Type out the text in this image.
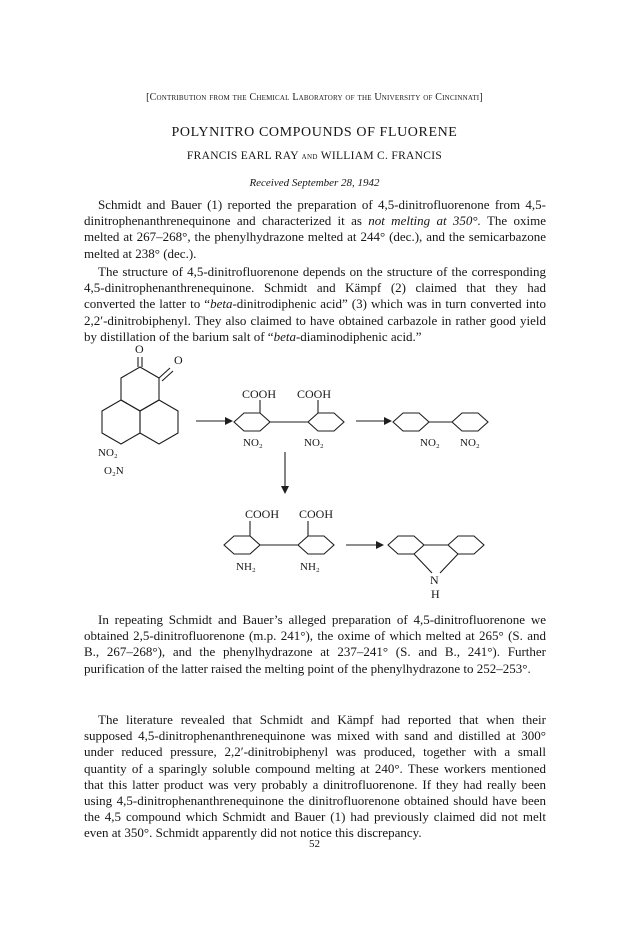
[Contribution from the Chemical Laboratory of the University of Cincinnati]
POLYNITRO COMPOUNDS OF FLUORENE
FRANCIS EARL RAY and WILLIAM C. FRANCIS
Received September 28, 1942

Schmidt and Bauer (1) reported the preparation of 4,5-dinitrofluorenone from 4,5-dinitrophenanthrenequinone and characterized it as not melting at 350°. The oxime melted at 267–268°, the phenylhydrazone melted at 244° (dec.), and the semicarbazone melted at 238° (dec.).

The structure of 4,5-dinitrofluorenone depends on the structure of the corresponding 4,5-dinitrophenanthrenequinone. Schmidt and Kämpf (2) claimed that they had converted the latter to “beta-dinitrodiphenic acid” (3) which was in turn converted into 2,2′-dinitrobiphenyl. They also claimed to have obtained carbazole in rather good yield by distillation of the barium salt of “beta-diaminodiphenic acid.”

O
O
NO₂
O₂N
COOH COOH
NO₂	NO₂	NO₂ NO₂
COOH COOH
NH₂	NH₂
N
H

In repeating Schmidt and Bauer’s alleged preparation of 4,5-dinitrofluorenone we obtained 2,5-dinitrofluorenone (m.p. 241°), the oxime of which melted at 265° (S. and B., 267–268°), and the phenylhydrazone at 237–241° (S. and B., 241°). Further purification of the latter raised the melting point of the phenylhydrazone to 252–253°.

The literature revealed that Schmidt and Kämpf had reported that when their supposed 4,5-dinitrophenanthrenequinone was mixed with sand and distilled at 300° under reduced pressure, 2,2′-dinitrobiphenyl was produced, together with a small quantity of a sparingly soluble compound melting at 240°. These workers mentioned that this latter product was very probably a dinitrofluorenone. If they had really been using 4,5-dinitrophenanthrenequinone the dinitrofluorenone obtained should have been the 4,5 compound which Schmidt and Bauer (1) had previously claimed did not melt even at 350°. Schmidt apparently did not notice this discrepancy.

52
